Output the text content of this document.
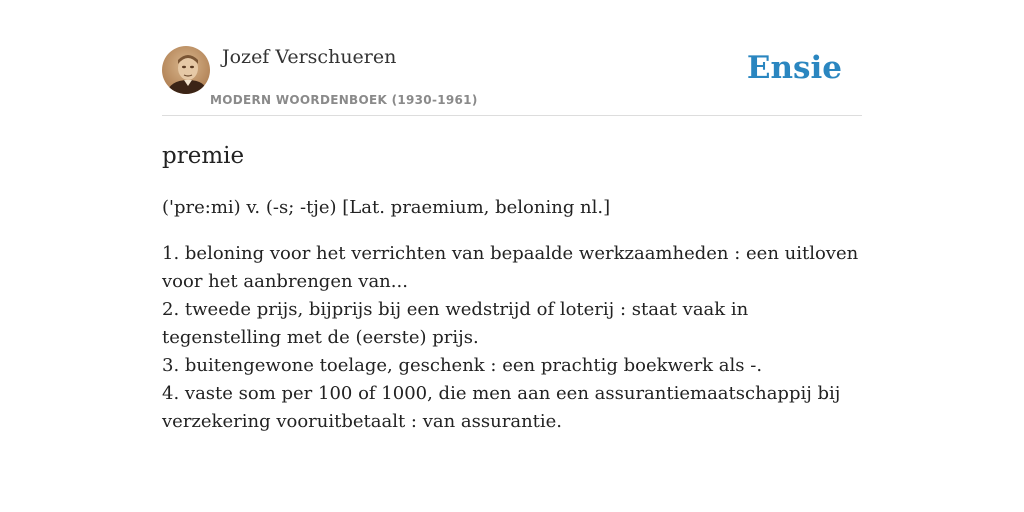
Jozef Verschueren
MODERN WOORDENBOEK (1930-1961)
Ensie
premie

('pre:mi) v. (-s; -tje) [Lat. praemium, beloning nl.]

1. beloning voor het verrichten van bepaalde werkzaamheden : een uitloven voor het aanbrengen van...
2. tweede prijs, bijprijs bij een wedstrijd of loterij : staat vaak in tegenstelling met de (eerste) prijs.
3. buitengewone toelage, geschenk : een prachtig boekwerk als -.
4. vaste som per 100 of 1000, die men aan een assurantiemaatschappij bij verzekering vooruitbetaalt : van assurantie.
